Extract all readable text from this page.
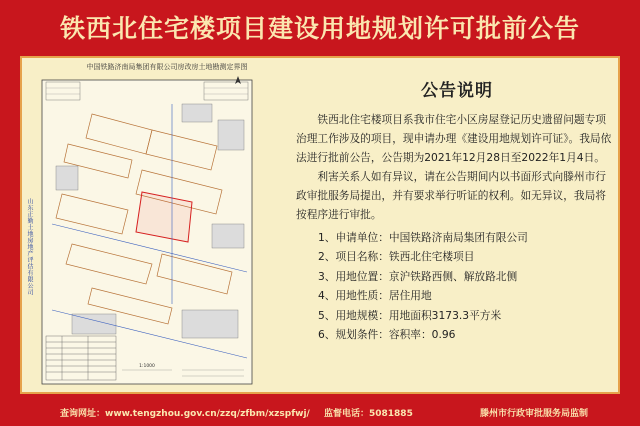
铁西北住宅楼项目建设用地规划许可批前公告
中国铁路济南局集团有限公司房改房土地勘测定界图
山东正勤土地房地产评估有限公司
1:1000
公告说明

铁西北住宅楼项目系我市住宅小区房屋登记历史遗留问题专项治理工作涉及的项目，现申请办理《建设用地规划许可证》。我局依法进行批前公告，公告期为2021年12月28日至2022年1月4日。

利害关系人如有异议，请在公告期间内以书面形式向滕州市行政审批服务局提出，并有要求举行听证的权利。如无异议，我局将按程序进行审批。

1、申请单位：中国铁路济南局集团有限公司
2、项目名称：铁西北住宅楼项目
3、用地位置：京沪铁路西侧、解放路北侧
4、用地性质：居住用地
5、用地规模：用地面积3173.3平方米
6、规划条件：容积率：0.96
查询网址：www.tengzhou.gov.cn/zzq/zfbm/xzspfwj/ 监督电话：5081885	滕州市行政审批服务局监制
